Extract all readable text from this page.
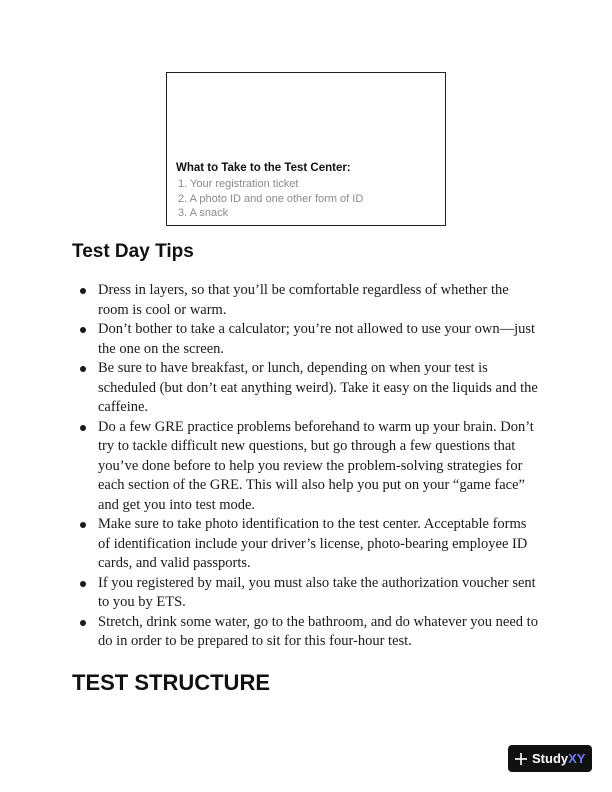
What to Take to the Test Center:
1. Your registration ticket
2. A photo ID and one other form of ID
3. A snack
Test Day Tips
Dress in layers, so that you’ll be comfortable regardless of whether the room is cool or warm.
Don’t bother to take a calculator; you’re not allowed to use your own—just the one on the screen.
Be sure to have breakfast, or lunch, depending on when your test is scheduled (but don’t eat anything weird). Take it easy on the liquids and the caffeine.
Do a few GRE practice problems beforehand to warm up your brain. Don’t try to tackle difficult new questions, but go through a few questions that you’ve done before to help you review the problem-solving strategies for each section of the GRE. This will also help you put on your “game face” and get you into test mode.
Make sure to take photo identification to the test center. Acceptable forms of identification include your driver’s license, photo-bearing employee ID cards, and valid passports.
If you registered by mail, you must also take the authorization voucher sent to you by ETS.
Stretch, drink some water, go to the bathroom, and do whatever you need to do in order to be prepared to sit for this four-hour test.
TEST STRUCTURE
Study XY
